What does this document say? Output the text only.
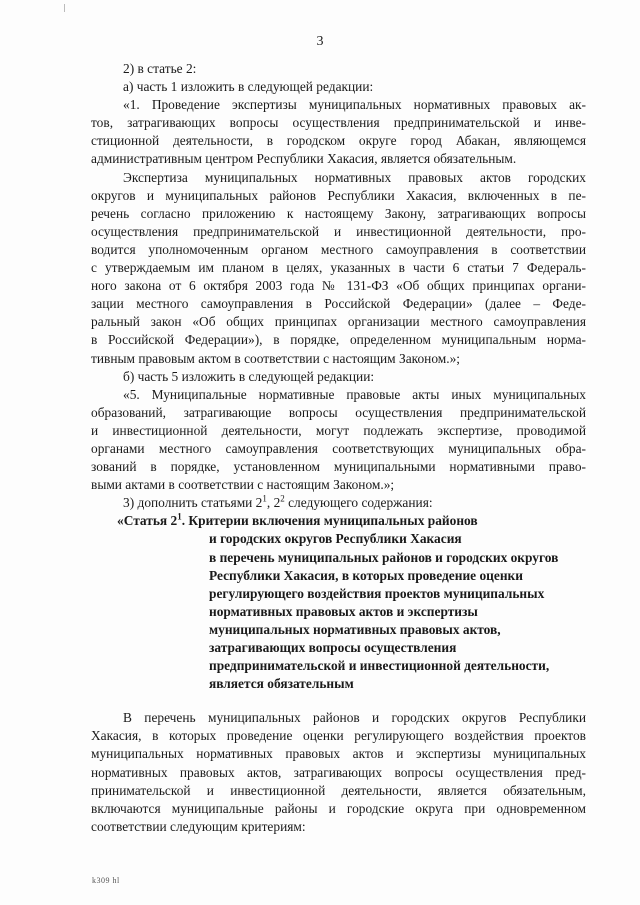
3
2) в статье 2:
а) часть 1 изложить в следующей редакции:
«1. Проведение экспертизы муниципальных нормативных правовых ак-
тов, затрагивающих вопросы осуществления предпринимательской и инве-
стиционной деятельности, в городском округе город Абакан, являющемся
административным центром Республики Хакасия, является обязательным.
Экспертиза муниципальных нормативных правовых актов городских
округов и муниципальных районов Республики Хакасия, включенных в пе-
речень согласно приложению к настоящему Закону, затрагивающих вопросы
осуществления предпринимательской и инвестиционной деятельности, про-
водится уполномоченным органом местного самоуправления в соответствии
с утверждаемым им планом в целях, указанных в части 6 статьи 7 Федераль-
ного закона от 6 октября 2003 года № 131-ФЗ «Об общих принципах органи-
зации местного самоуправления в Российской Федерации» (далее – Феде-
ральный закон «Об общих принципах организации местного самоуправления
в Российской Федерации»), в порядке, определенном муниципальным норма-
тивным правовым актом в соответствии с настоящим Законом.»;
б) часть 5 изложить в следующей редакции:
«5. Муниципальные нормативные правовые акты иных муниципальных
образований, затрагивающие вопросы осуществления предпринимательской
и инвестиционной деятельности, могут подлежать экспертизе, проводимой
органами местного самоуправления соответствующих муниципальных обра-
зований в порядке, установленном муниципальными нормативными право-
выми актами в соответствии с настоящим Законом.»;
3) дополнить статьями $2^1$, $2^2$ следующего содержания:
«Статья $2^1$. Критерии включения муниципальных районов
и городских округов Республики Хакасия
в перечень муниципальных районов и городских округов
Республики Хакасия, в которых проведение оценки
регулирующего воздействия проектов муниципальных
нормативных правовых актов и экспертизы
муниципальных нормативных правовых актов,
затрагивающих вопросы осуществления
предпринимательской и инвестиционной деятельности,
является обязательным
В перечень муниципальных районов и городских округов Республики
Хакасия, в которых проведение оценки регулирующего воздействия проектов
муниципальных нормативных правовых актов и экспертизы муниципальных
нормативных правовых актов, затрагивающих вопросы осуществления пред-
принимательской и инвестиционной деятельности, является обязательным,
включаются муниципальные районы и городские округа при одновременном
соответствии следующим критериям:
k309 hl
